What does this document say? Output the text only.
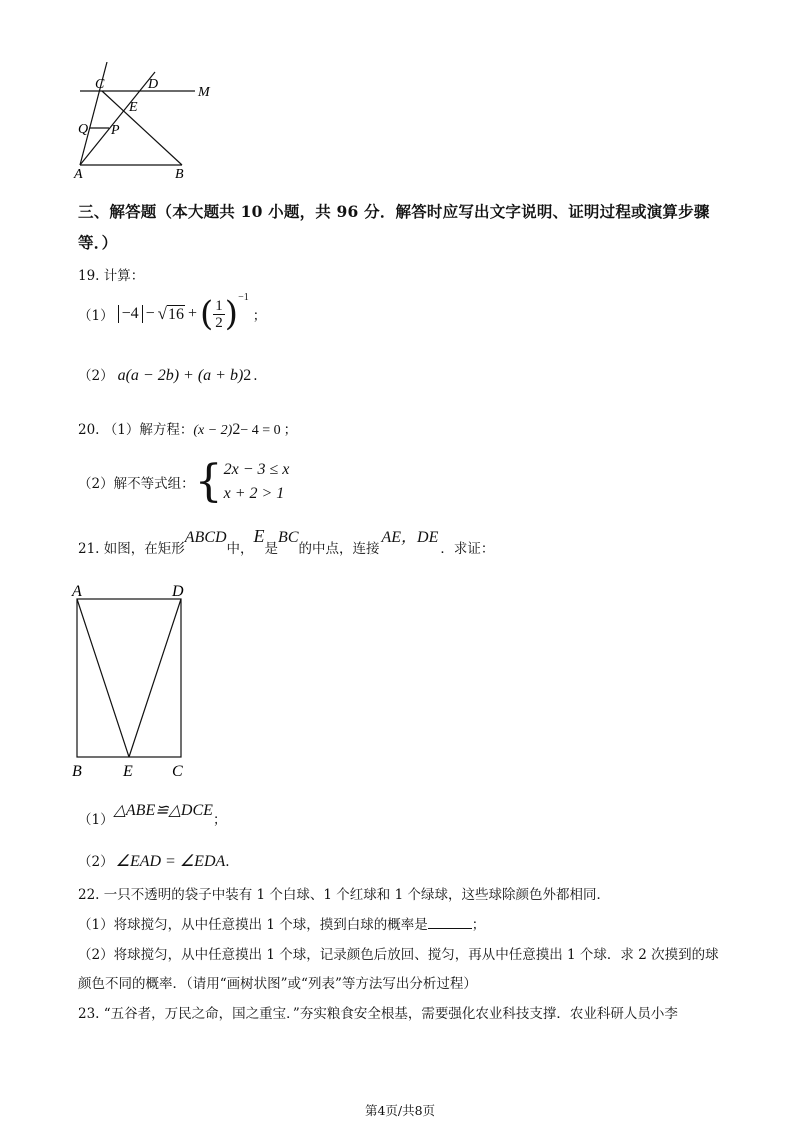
C	D
M
E
Q P
A	B
三、解答题（本大题共 10 小题，共 96 分．解答时应写出文字说明、证明过程或演算步骤
等．）
19. 计算：
（1） −4 − √ 16 + ( $\frac{1}{2}$ ) −1
；
（2） a(a − 2b) + (a + b) 2 .
20. （1）解方程： (x − 2) 2 − 4 = 0 ；
（2）解不等式组： { 2x − 3 ≤ x
x + 2 > 1
21. 如图，在矩形
ABCD
中，
E
是
BC
的中点，连接
AE，DE
．求证：
A	D
B	E C
（1）
△ABE≌△DCE
；
（2） ∠EAD = ∠EDA .
22. 一只不透明的袋子中装有 1 个白球、1 个红球和 1 个绿球，这些球除颜色外都相同．
（1）将球搅匀，从中任意摸出 1 个球，摸到白球的概率是	；
（2）将球搅匀，从中任意摸出 1 个球，记录颜色后放回、搅匀，再从中任意摸出 1 个球．求 2 次摸到的球
颜色不同的概率．（请用“画树状图”或“列表”等方法写出分析过程）
23. “五谷者，万民之命，国之重宝．”夯实粮食安全根基，需要强化农业科技支撑．农业科研人员小李
第4页/共8页
